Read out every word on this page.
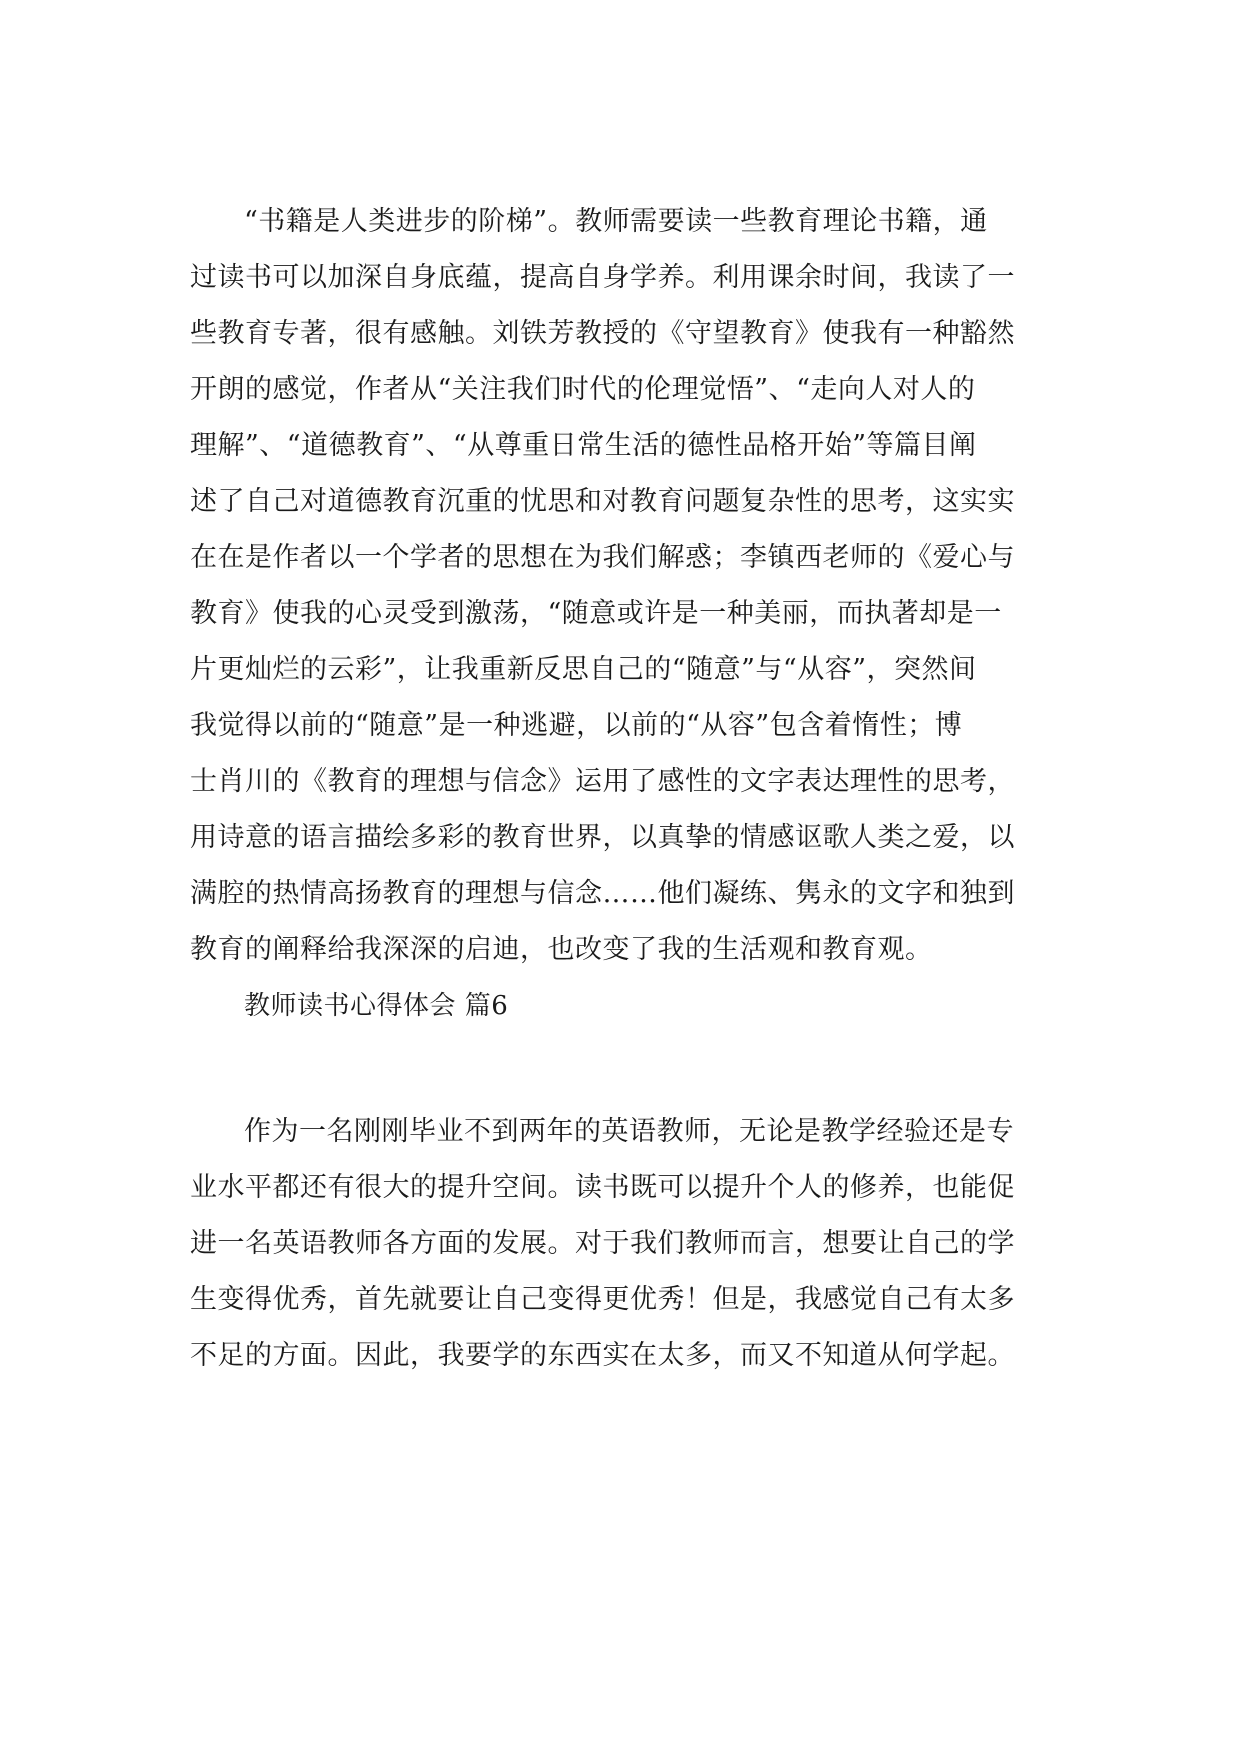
“书籍是人类进步的阶梯”。教师需要读一些教育理论书籍，通
过读书可以加深自身底蕴，提高自身学养。利用课余时间，我读了一
些教育专著，很有感触。刘铁芳教授的《守望教育》使我有一种豁然
开朗的感觉，作者从“关注我们时代的伦理觉悟”、“走向人对人的
理解”、“道德教育”、“从尊重日常生活的德性品格开始”等篇目阐
述了自己对道德教育沉重的忧思和对教育问题复杂性的思考，这实实
在在是作者以一个学者的思想在为我们解惑；李镇西老师的《爱心与
教育》使我的心灵受到激荡，“随意或许是一种美丽，而执著却是一
片更灿烂的云彩”，让我重新反思自己的“随意”与“从容”，突然间
我觉得以前的“随意”是一种逃避，以前的“从容”包含着惰性；博
士肖川的《教育的理想与信念》运用了感性的文字表达理性的思考，
用诗意的语言描绘多彩的教育世界，以真挚的情感讴歌人类之爱，以
满腔的热情高扬教育的理想与信念……他们凝练、隽永的文字和独到
教育的阐释给我深深的启迪，也改变了我的生活观和教育观。
教师读书心得体会 篇6
作为一名刚刚毕业不到两年的英语教师，无论是教学经验还是专
业水平都还有很大的提升空间。读书既可以提升个人的修养，也能促
进一名英语教师各方面的发展。对于我们教师而言，想要让自己的学
生变得优秀，首先就要让自己变得更优秀！但是，我感觉自己有太多
不足的方面。因此，我要学的东西实在太多，而又不知道从何学起。
